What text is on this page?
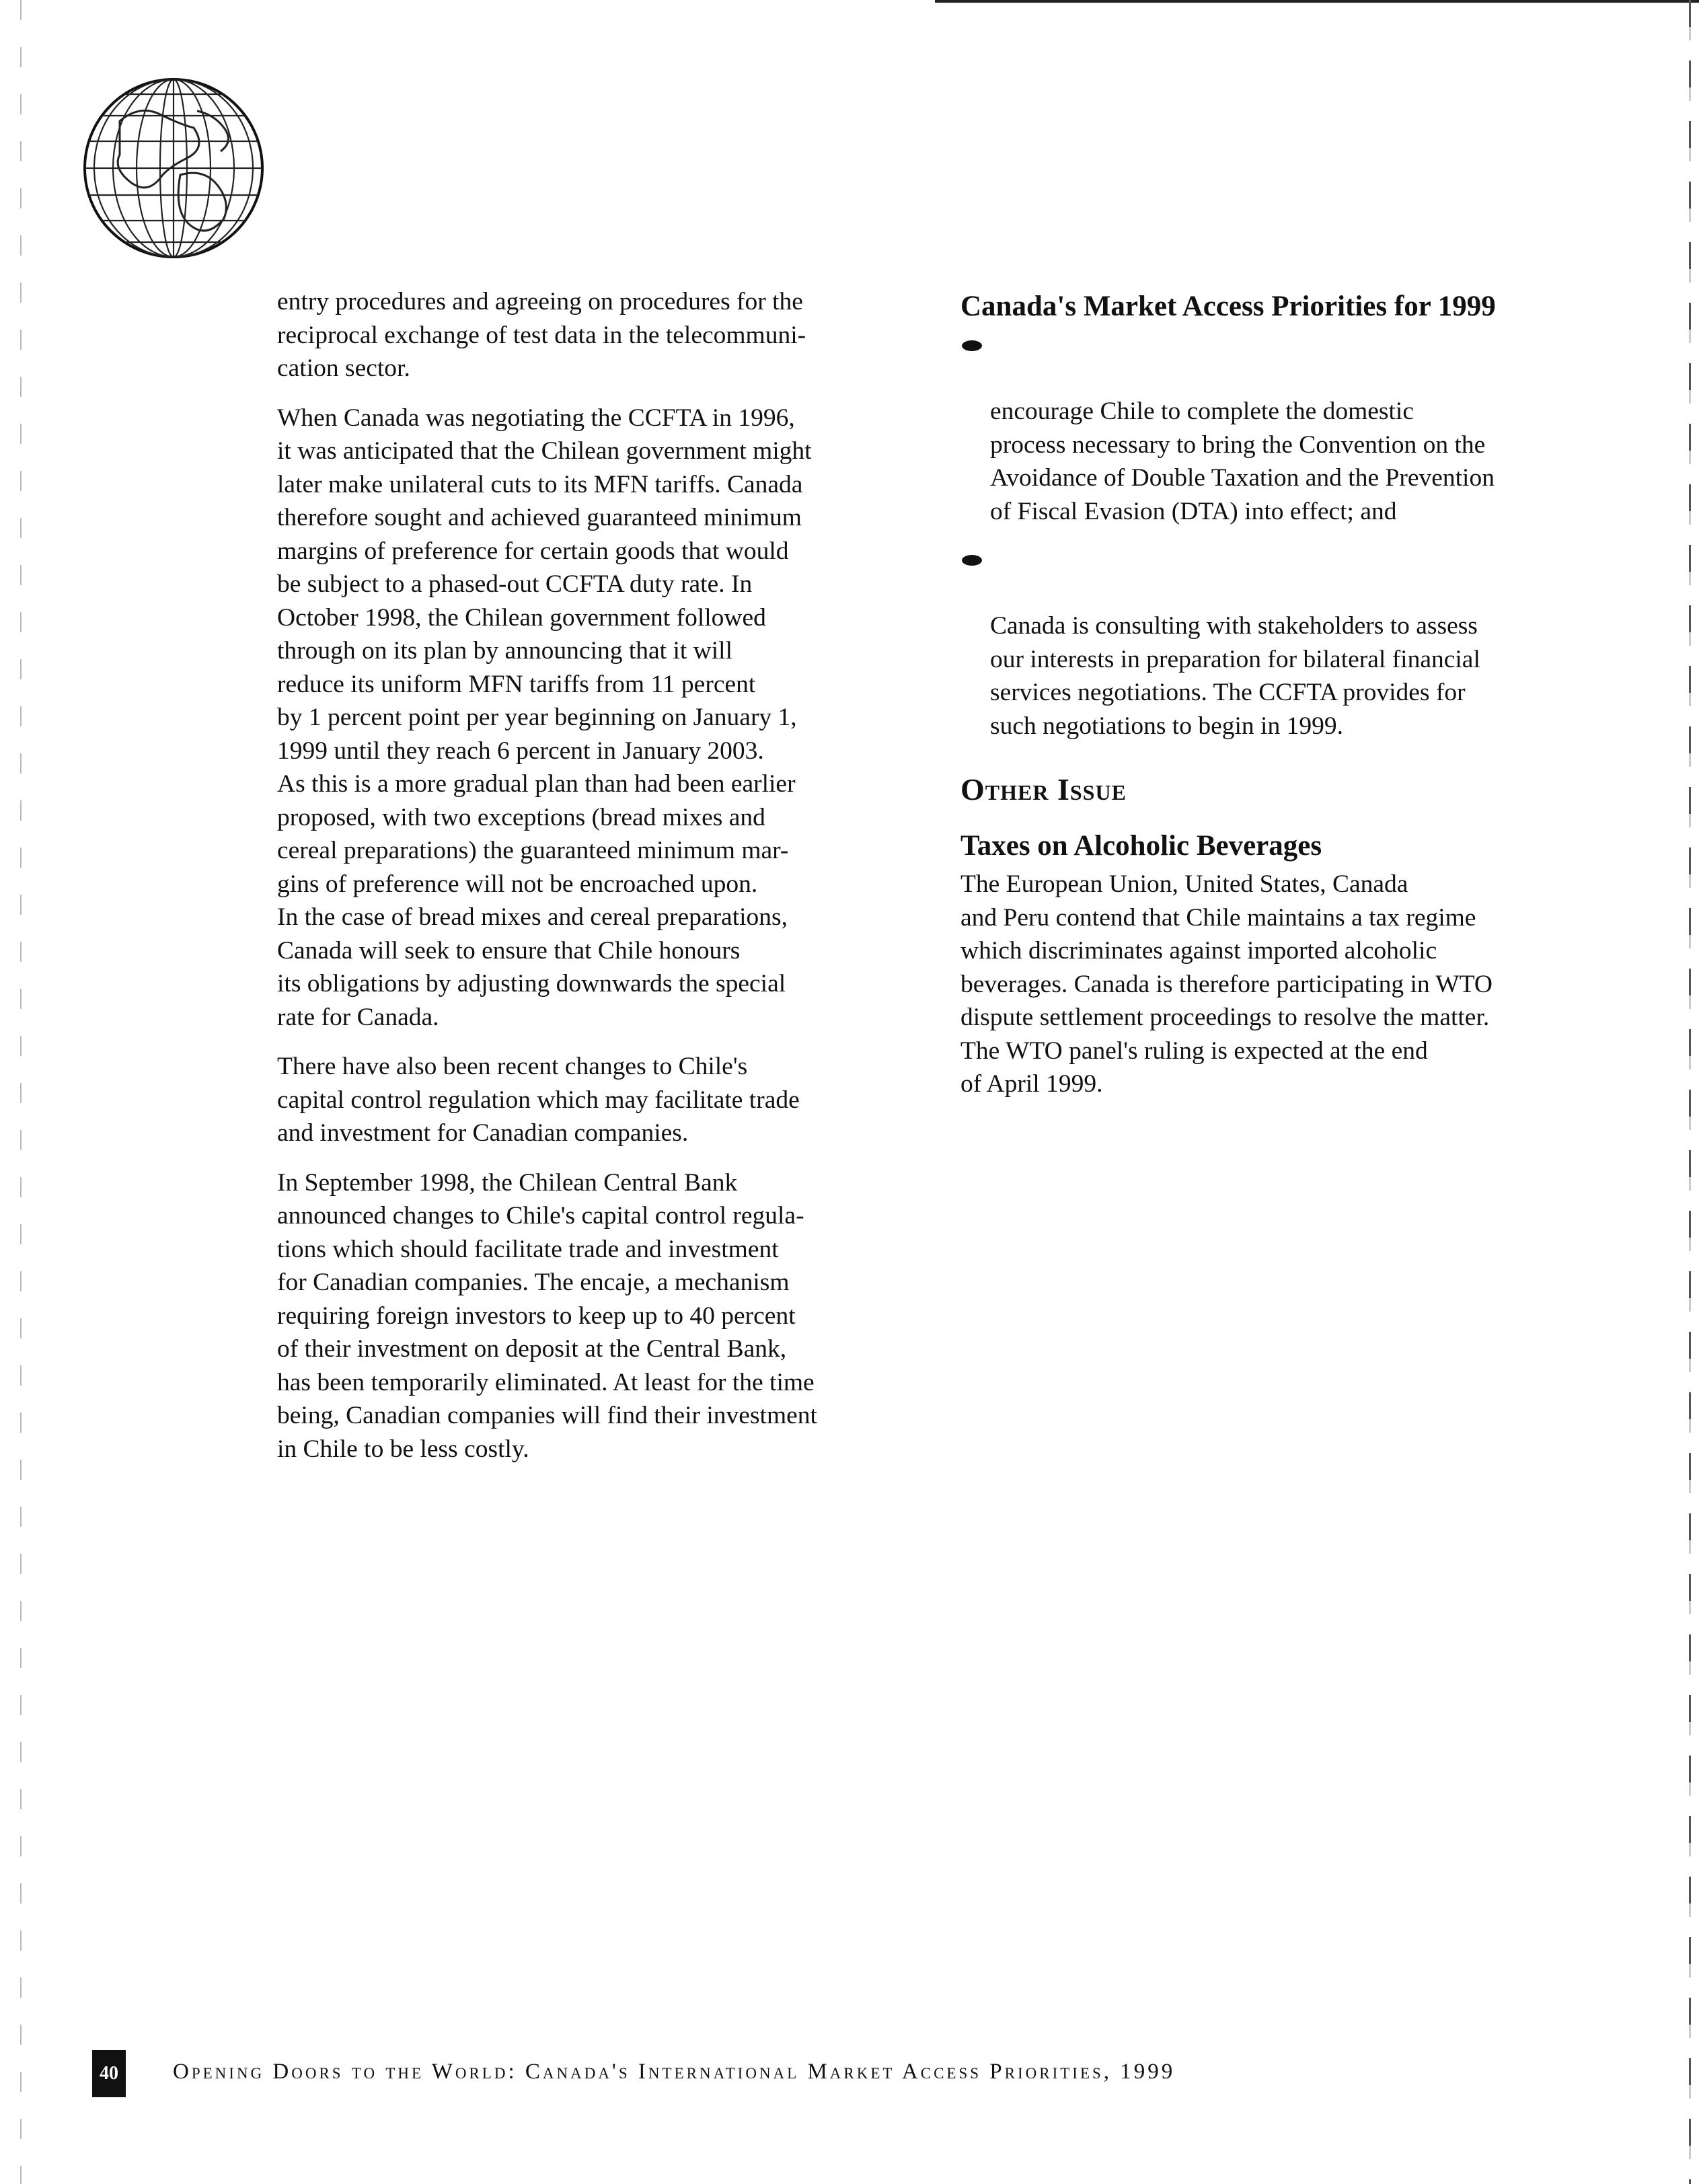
entry procedures and agreeing on procedures for the
reciprocal exchange of test data in the telecommuni-
cation sector.

When Canada was negotiating the CCFTA in 1996,
it was anticipated that the Chilean government might
later make unilateral cuts to its MFN tariffs. Canada
therefore sought and achieved guaranteed minimum
margins of preference for certain goods that would
be subject to a phased-out CCFTA duty rate. In
October 1998, the Chilean government followed
through on its plan by announcing that it will
reduce its uniform MFN tariffs from 11 percent
by 1 percent point per year beginning on January 1,
1999 until they reach 6 percent in January 2003.
As this is a more gradual plan than had been earlier
proposed, with two exceptions (bread mixes and
cereal preparations) the guaranteed minimum mar-
gins of preference will not be encroached upon.
In the case of bread mixes and cereal preparations,
Canada will seek to ensure that Chile honours
its obligations by adjusting downwards the special
rate for Canada.

There have also been recent changes to Chile's
capital control regulation which may facilitate trade
and investment for Canadian companies.

In September 1998, the Chilean Central Bank
announced changes to Chile's capital control regula-
tions which should facilitate trade and investment
for Canadian companies. The encaje, a mechanism
requiring foreign investors to keep up to 40 percent
of their investment on deposit at the Central Bank,
has been temporarily eliminated. At least for the time
being, Canadian companies will find their investment
in Chile to be less costly.

Canada's Market Access Priorities for 1999

encourage Chile to complete the domestic
process necessary to bring the Convention on the
Avoidance of Double Taxation and the Prevention
of Fiscal Evasion (DTA) into effect; and

Canada is consulting with stakeholders to assess
our interests in preparation for bilateral financial
services negotiations. The CCFTA provides for
such negotiations to begin in 1999.

Other Issue
Taxes on Alcoholic Beverages

The European Union, United States, Canada
and Peru contend that Chile maintains a tax regime
which discriminates against imported alcoholic
beverages. Canada is therefore participating in WTO
dispute settlement proceedings to resolve the matter.
The WTO panel's ruling is expected at the end
of April 1999.

40	Opening Doors to the World: Canada's International Market Access Priorities, 1999
